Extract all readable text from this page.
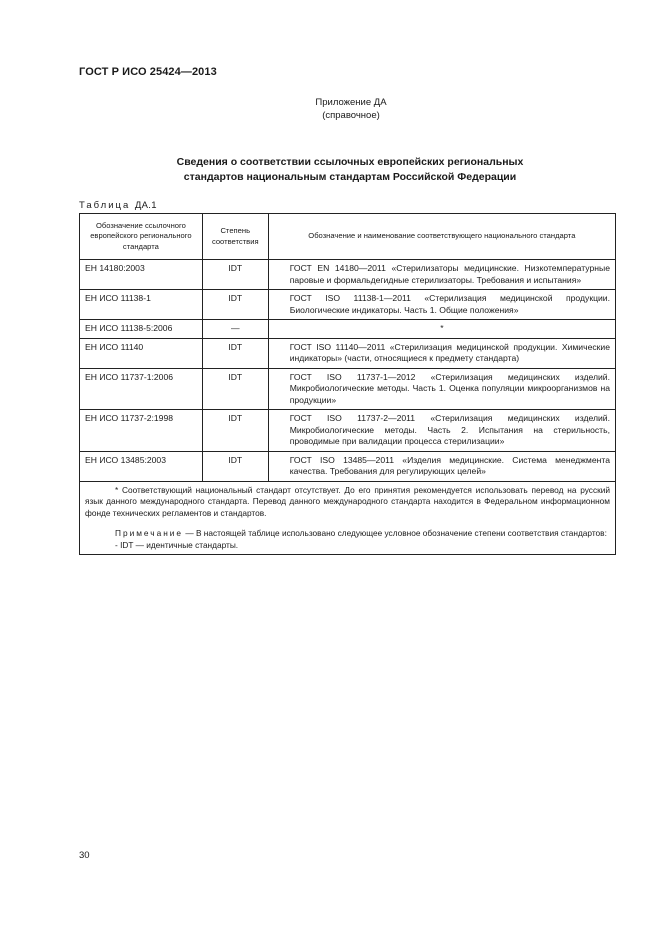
ГОСТ Р ИСО 25424—2013
Приложение ДА
(справочное)
Сведения о соответствии ссылочных европейских региональных
стандартов национальным стандартам Российской Федерации
Таблица ДА.1
Обозначение ссылочного европейского регионального стандарта	Степень соответствия	Обозначение и наименование соответствующего национального стандарта
ЕН 14180:2003	IDT	ГОСТ EN 14180—2011 «Стерилизаторы медицинские. Низкотемпературные паровые и формальдегидные стерилизаторы. Требования и испытания»

ЕН ИСО 11138-1	IDT	ГОСТ ISO 11138-1—2011 «Стерилизация медицинской продукции. Биологические индикаторы. Часть 1. Общие положения»

ЕН ИСО 11138-5:2006	—	*
ЕН ИСО 11140	IDT	ГОСТ ISO 11140—2011 «Стерилизация медицинской продукции. Химические индикаторы» (части, относящиеся к предмету стандарта)

ЕН ИСО 11737-1:2006	IDT	ГОСТ ISO 11737-1—2012 «Стерилизация медицинских изделий. Микробиологические методы. Часть 1. Оценка популяции микроорганизмов на продукции»

ЕН ИСО 11737-2:1998	IDT	ГОСТ ISO 11737-2—2011 «Стерилизация медицинских изделий. Микробиологические методы. Часть 2. Испытания на стерильность, проводимые при валидации процесса стерилизации»

ЕН ИСО 13485:2003	IDT	ГОСТ ISO 13485—2011 «Изделия медицинские. Система менеджмента качества. Требования для регулирующих целей»

* Соответствующий национальный стандарт отсутствует. До его принятия рекомендуется использовать перевод на русский язык данного международного стандарта. Перевод данного международного стандарта находится в Федеральном информационном фонде технических регламентов и стандартов.

Примечание — В настоящей таблице использовано следующее условное обозначение степени соответствия стандартов:

- IDT — идентичные стандарты.		

30
